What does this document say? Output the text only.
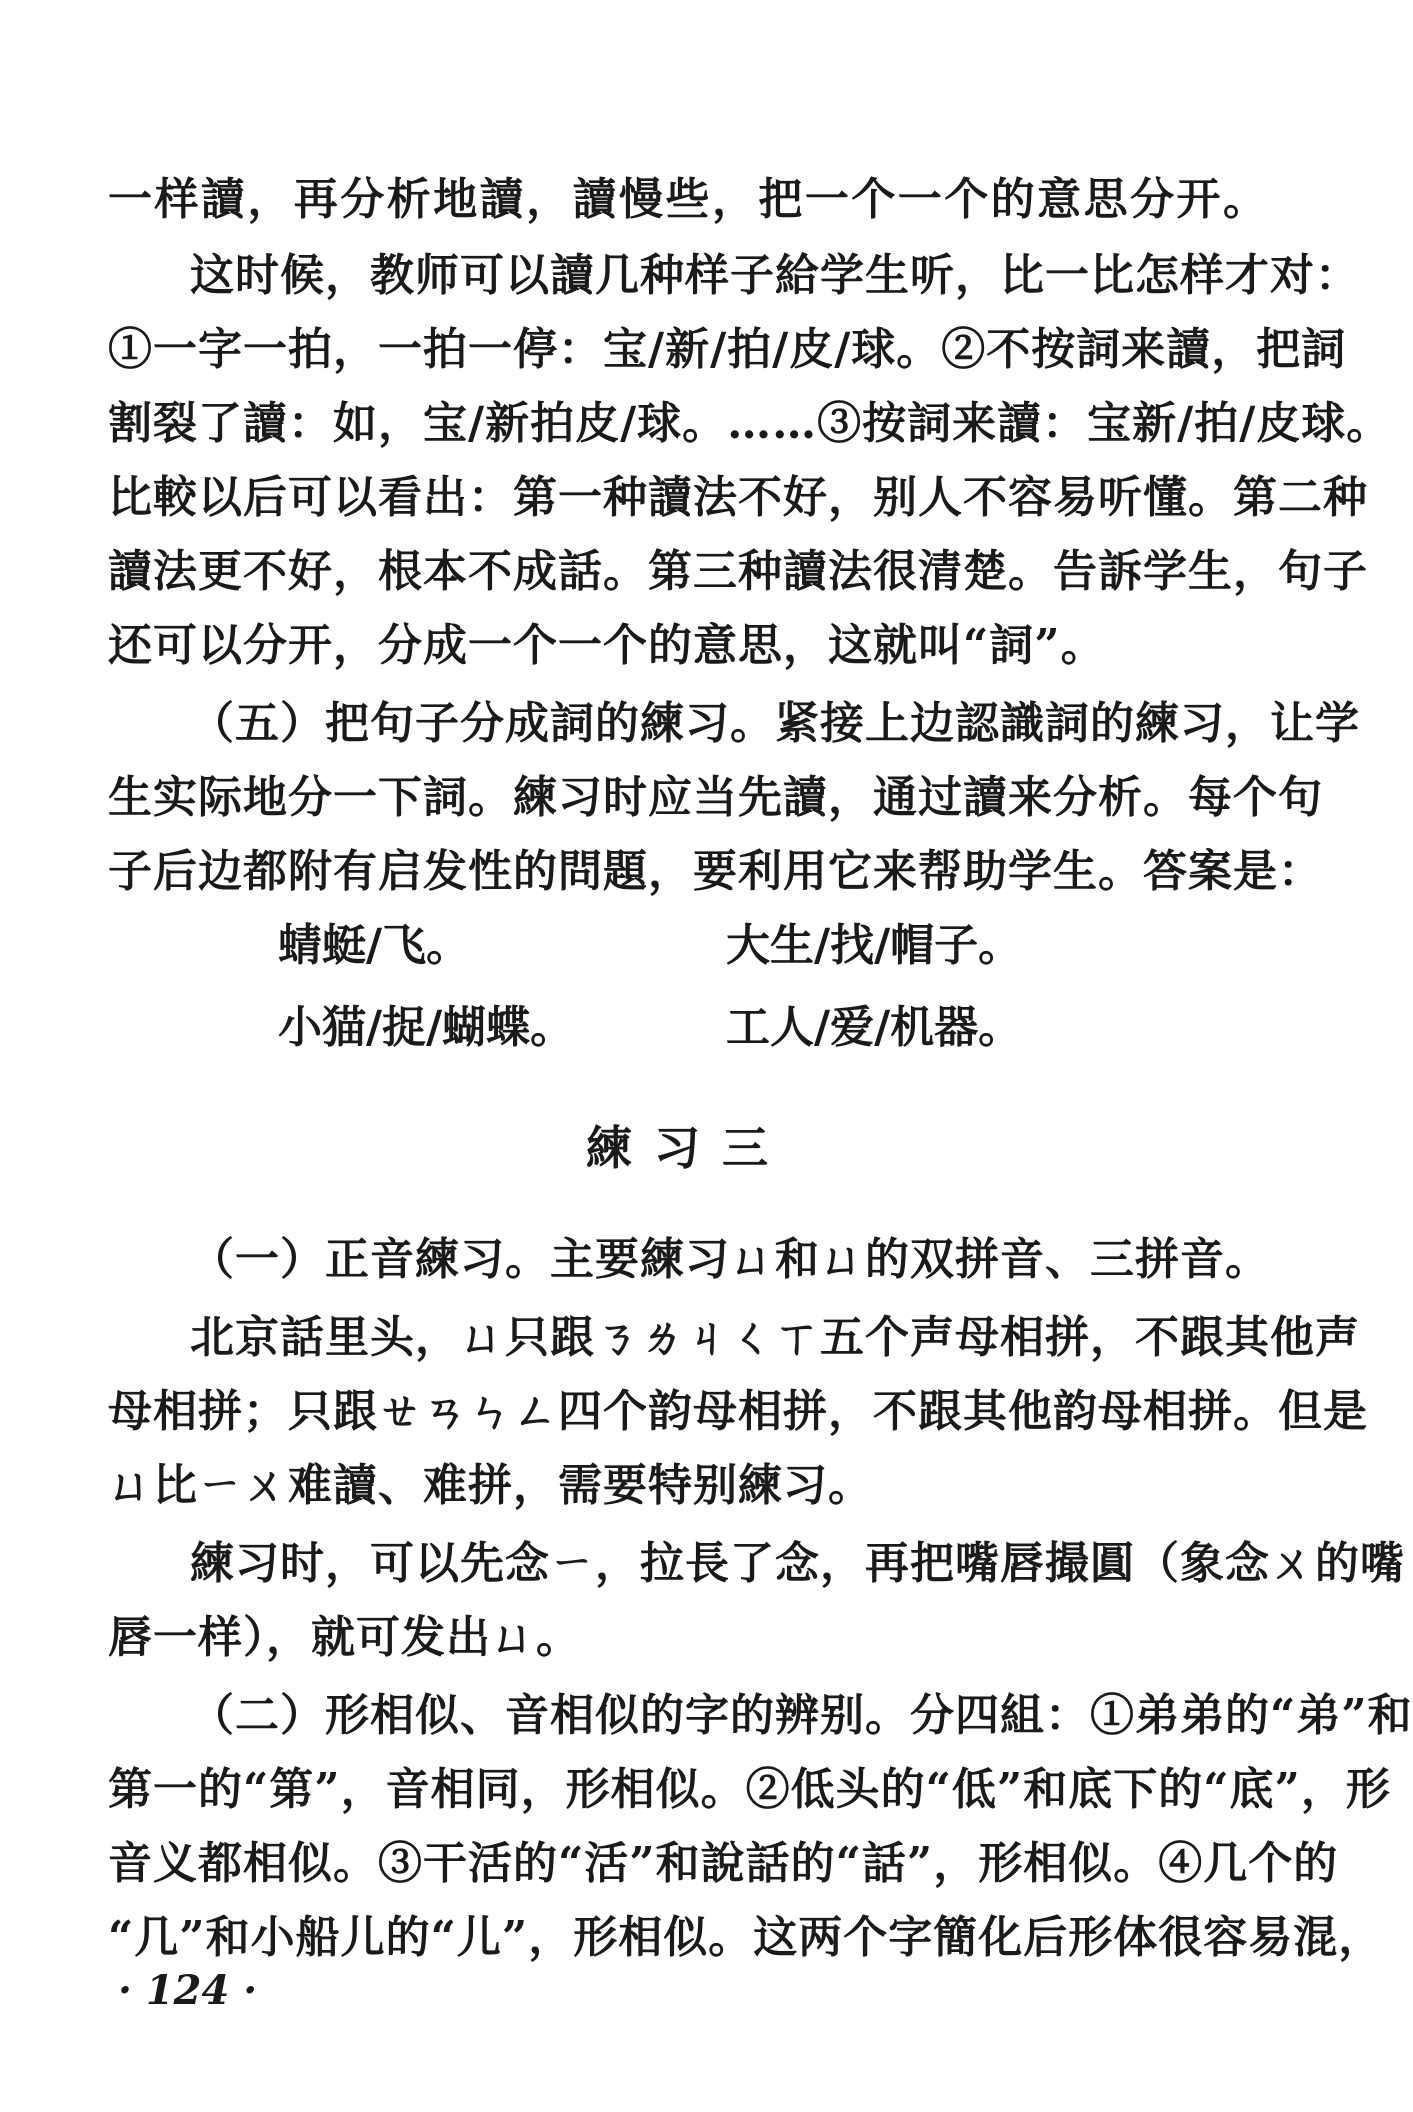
一样讀，再分析地讀，讀慢些，把一个一个的意思分开。
这时候，教师可以讀几种样子給学生听，比一比怎样才对：
①一字一拍，一拍一停：宝/新/拍/皮/球。②不按詞来讀，把詞
割裂了讀：如，宝/新拍皮/球。……③按詞来讀：宝新/拍/皮球。
比較以后可以看出：第一种讀法不好，别人不容易听懂。第二种
讀法更不好，根本不成話。第三种讀法很清楚。告訴学生，句子
还可以分开，分成一个一个的意思，这就叫“詞”。
（五）把句子分成詞的練习。紧接上边認識詞的練习，让学
生实际地分一下詞。練习时应当先讀，通过讀来分析。每个句
子后边都附有启发性的問題，要利用它来帮助学生。答案是：
蜻蜓/飞。	大生/找/帽子。
小猫/捉/蝴蝶。	工人/爱/机器。
練习三
（一）正音練习。主要練习ㄩ和ㄩ的双拼音、三拼音。
北京話里头，ㄩ只跟ㄋㄌㄐㄑㄒ五个声母相拼，不跟其他声
母相拼；只跟ㄝㄢㄣㄥ四个韵母相拼，不跟其他韵母相拼。但是
ㄩ比ㄧㄨ难讀、难拼，需要特别練习。
練习时，可以先念ㄧ，拉長了念，再把嘴唇撮圓（象念ㄨ的嘴
唇一样），就可发出ㄩ。
（二）形相似、音相似的字的辨别。分四組：①弟弟的“弟”和
第一的“第”，音相同，形相似。②低头的“低”和底下的“底”，形
音义都相似。③干活的“活”和說話的“話”，形相似。④几个的
“几”和小船儿的“儿”，形相似。这两个字簡化后形体很容易混，
· 124 ·
